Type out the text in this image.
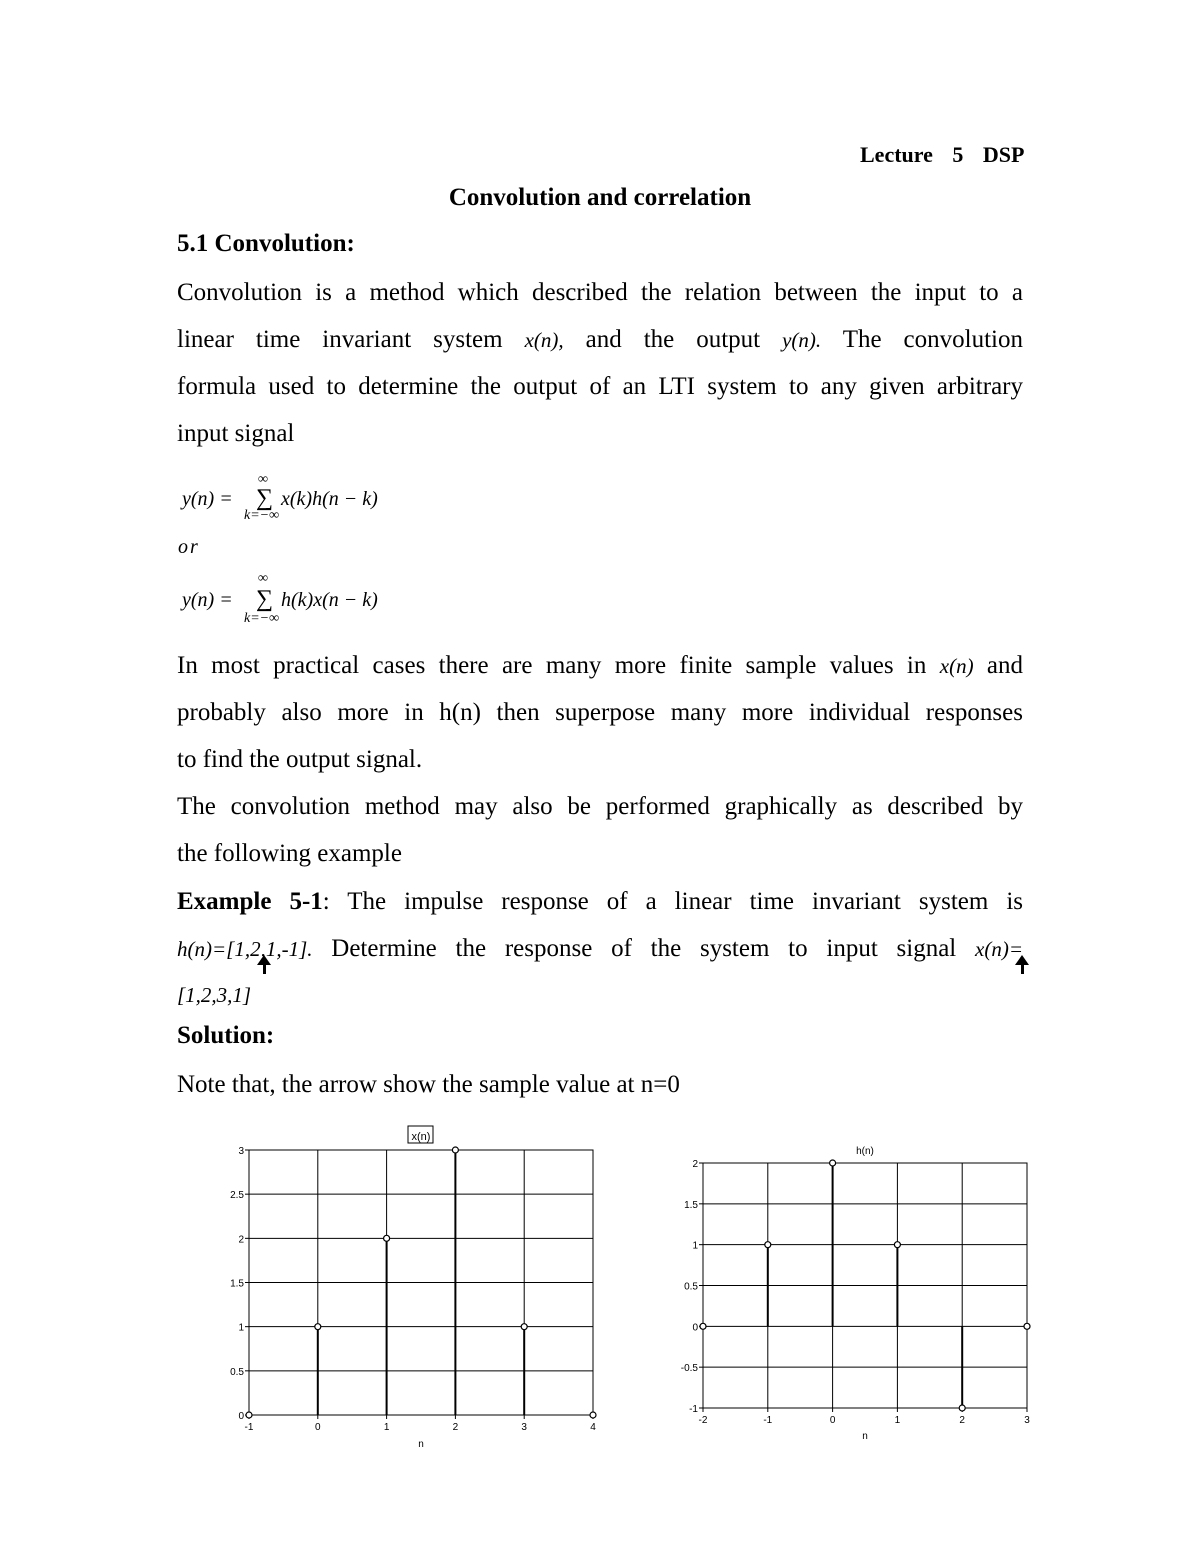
Lecture 5 DSP
Convolution and correlation
5.1 Convolution:
Convolution is a method which described the relation between the input to a
linear time invariant system x(n), and the output y(n). The convolution
formula used to determine the output of an LTI system to any given arbitrary
input signal
∞
y(n) = ∑ x(k)h(n − k)
k=−∞
or
∞
y(n) = ∑ h(k)x(n − k)
k=−∞
In most practical cases there are many more finite sample values in x(n) and
probably also more in h(n) then superpose many more individual responses
to find the output signal.
The convolution method may also be performed graphically as described by
the following example
Example 5-1: The impulse response of a linear time invariant system is
h(n)=[1,2,1,-1]. Determine the response of the system to input signal x(n)=
[1,2,3,1]
Solution:
Note that, the arrow show the sample value at n=0
x(n)
n
0
0.5
1
1.5
2
2.5
3
-1	0	1	2	3	4
h(n)
n
-1
-0.5
0
0.5
1
1.5
2
-2	-1	0	1	2	3
